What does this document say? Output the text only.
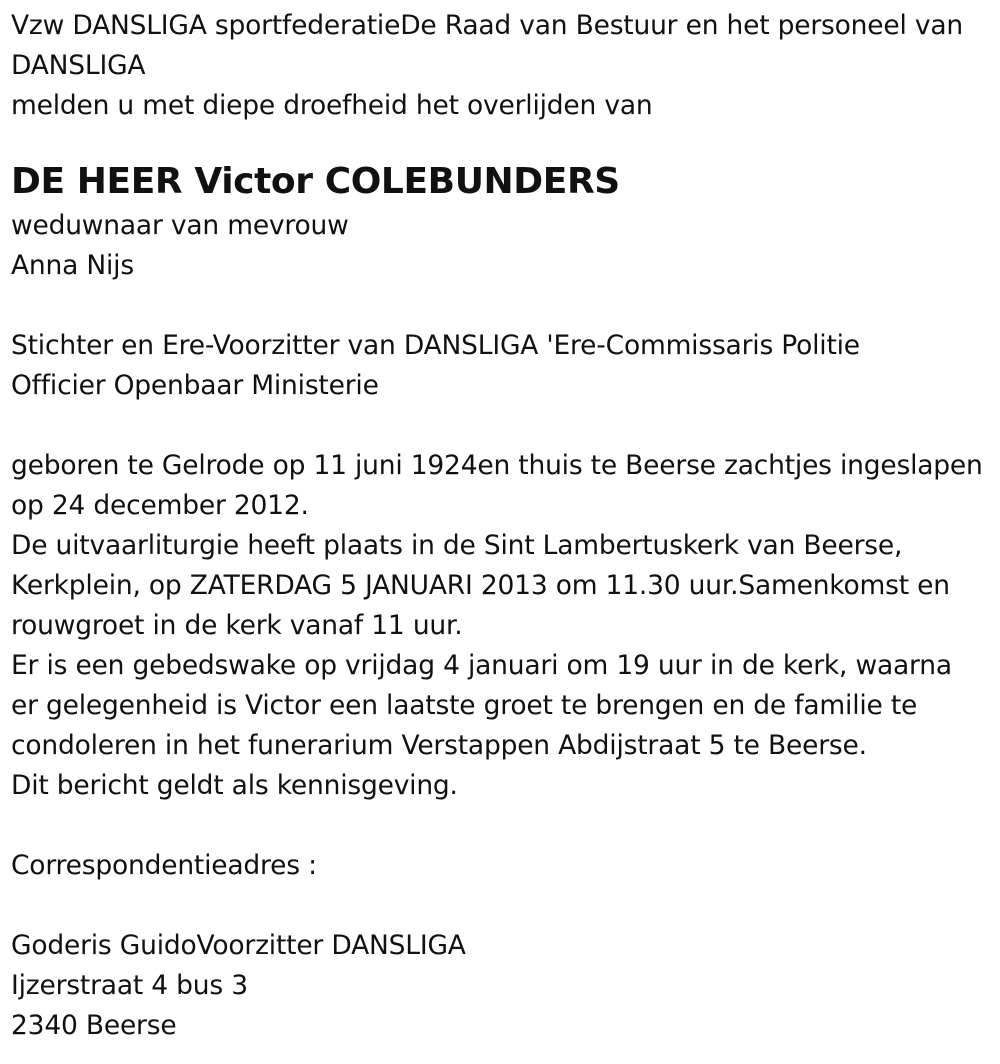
Vzw DANSLIGA sportfederatieDe Raad van Bestuur en het personeel van
DANSLIGA
melden u met diepe droefheid het overlijden van
DE HEER Victor COLEBUNDERS
weduwnaar van mevrouw
Anna Nijs
Stichter en Ere-Voorzitter van DANSLIGA 'Ere-Commissaris Politie
Officier Openbaar Ministerie
geboren te Gelrode op 11 juni 1924en thuis te Beerse zachtjes ingeslapen
op 24 december 2012.
De uitvaarliturgie heeft plaats in de Sint Lambertuskerk van Beerse,
Kerkplein, op ZATERDAG 5 JANUARI 2013 om 11.30 uur.Samenkomst en
rouwgroet in de kerk vanaf 11 uur.
Er is een gebedswake op vrijdag 4 januari om 19 uur in de kerk, waarna
er gelegenheid is Victor een laatste groet te brengen en de familie te
condoleren in het funerarium Verstappen Abdijstraat 5 te Beerse.
Dit bericht geldt als kennisgeving.
Correspondentieadres :
Goderis GuidoVoorzitter DANSLIGA
Ijzerstraat 4 bus 3
2340 Beerse
